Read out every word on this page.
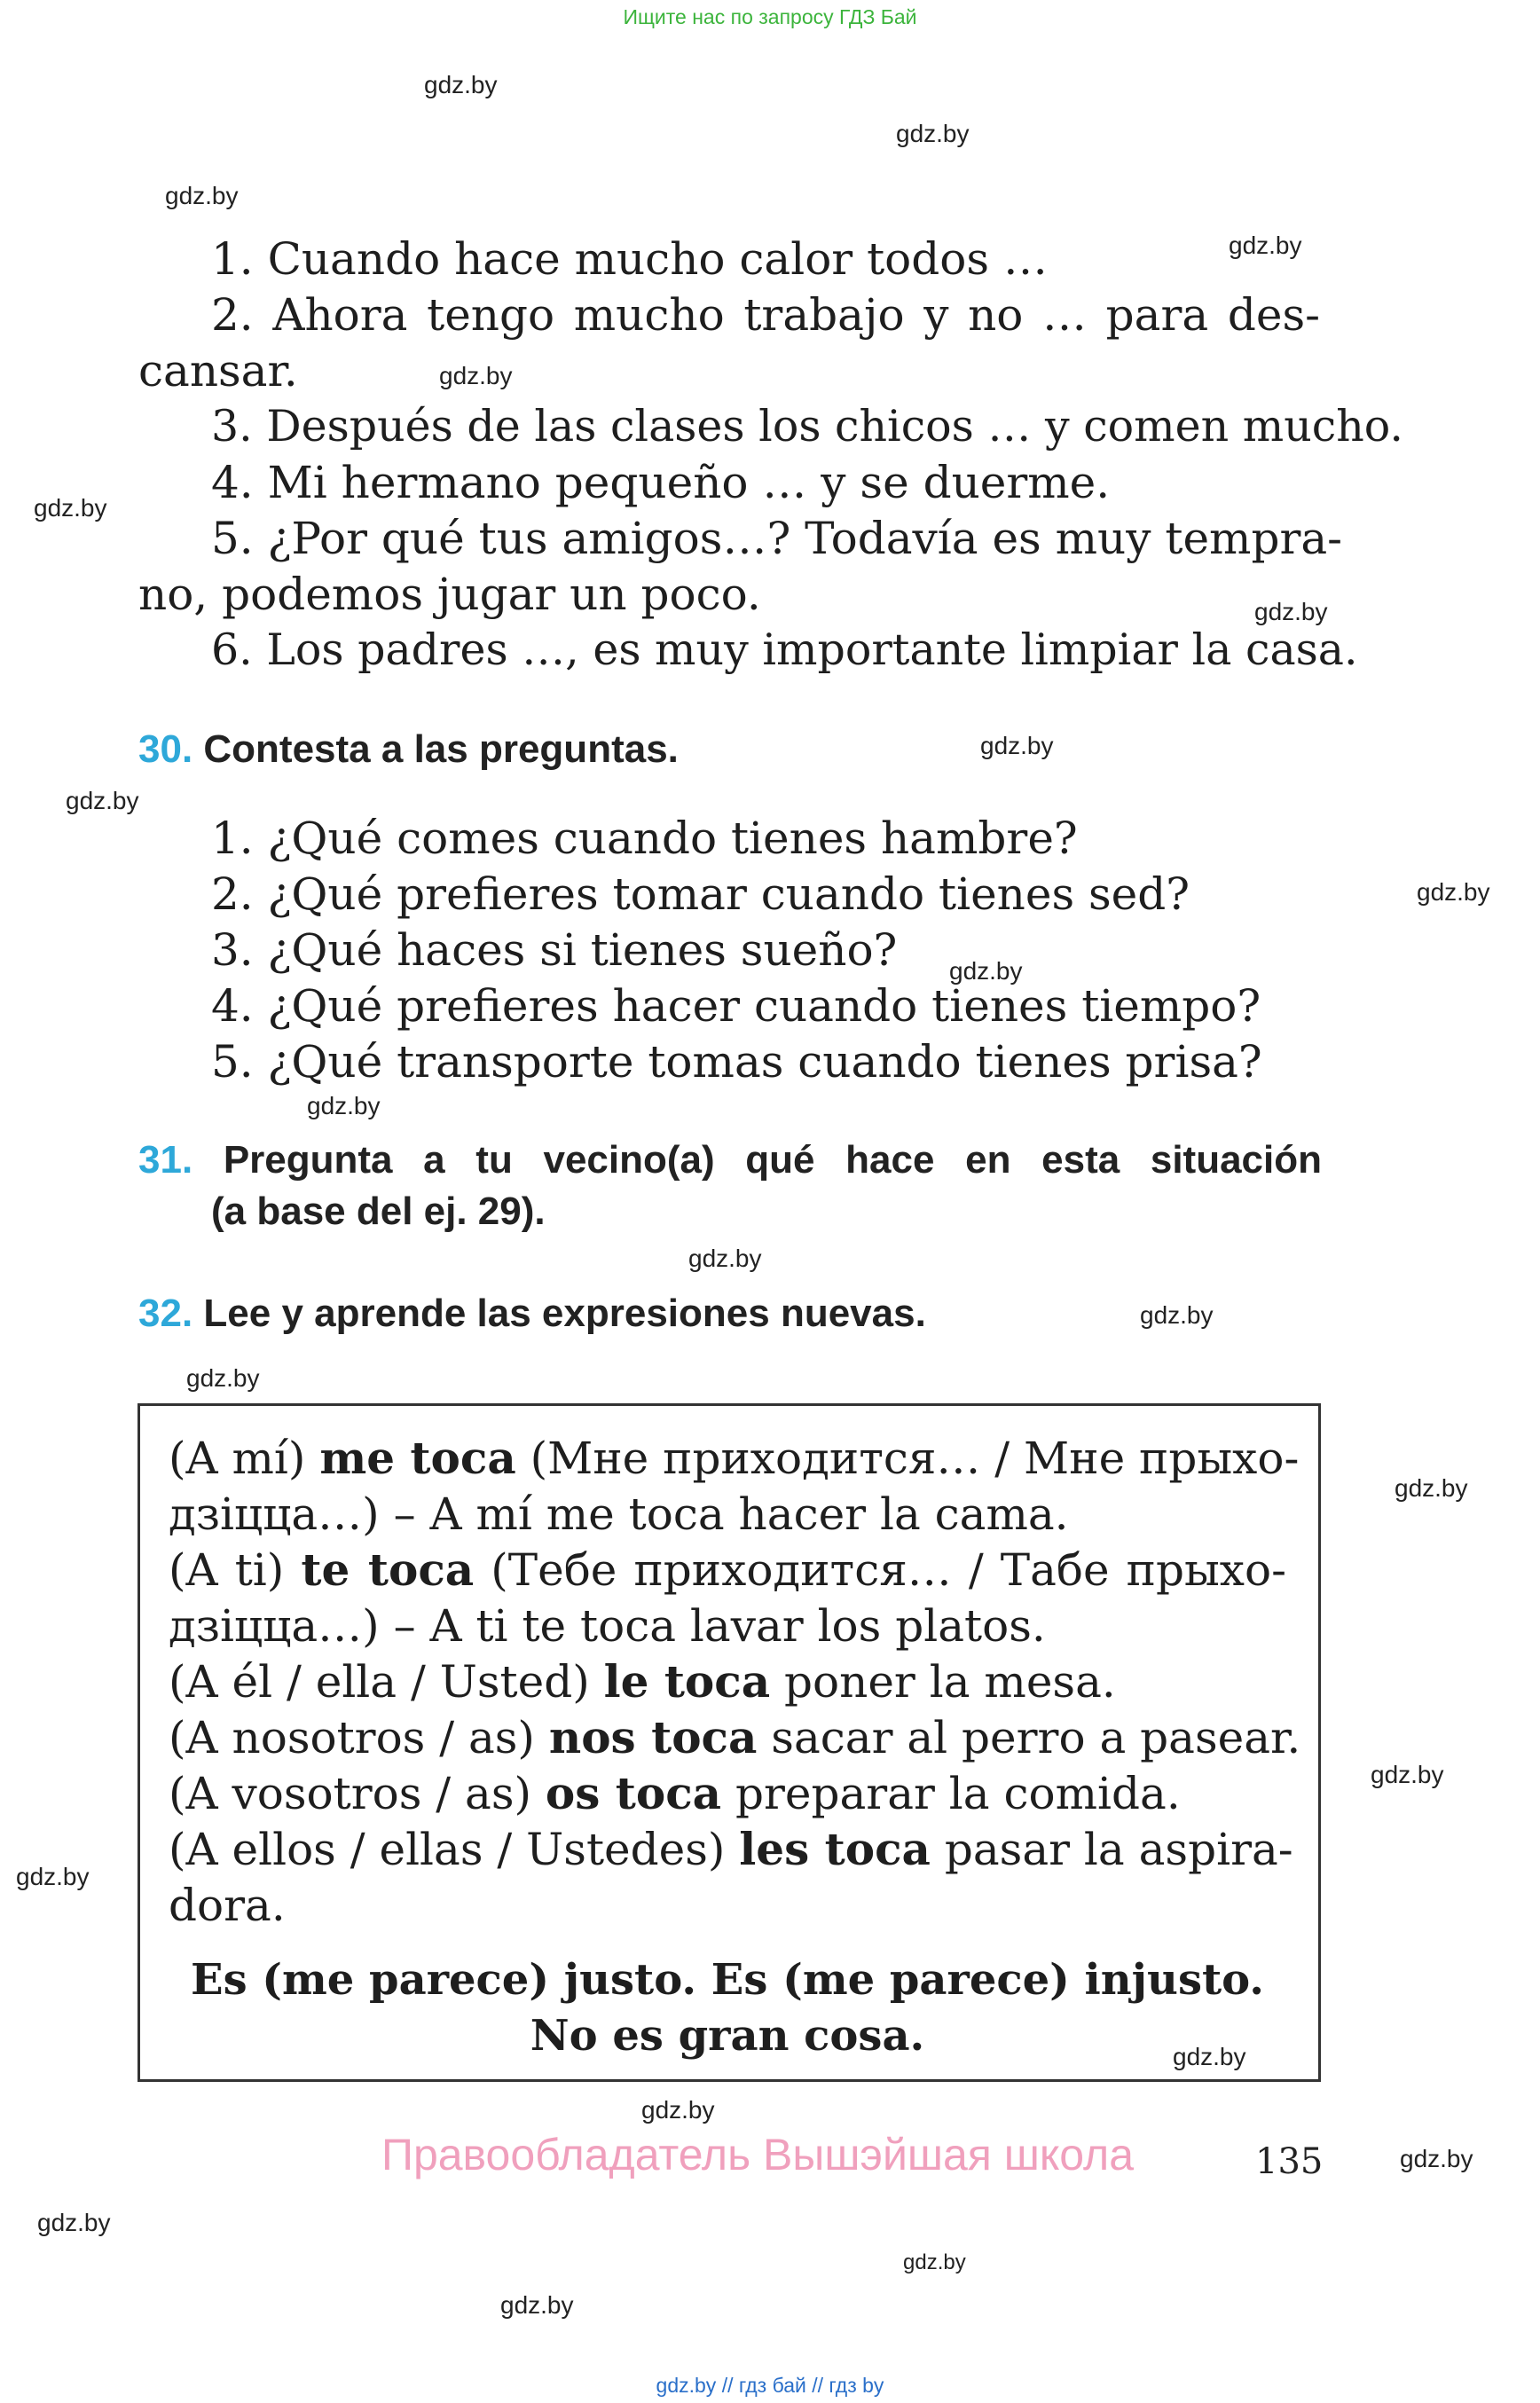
Ищите нас по запросу ГДЗ Бай
gdz.by // гдз бай // гдз by
gdz.by
gdz.by
gdz.by
gdz.by
gdz.by
gdz.by
gdz.by
gdz.by
gdz.by
gdz.by
gdz.by
gdz.by
gdz.by
gdz.by
gdz.by
gdz.by
gdz.by
gdz.by
gdz.by
gdz.by
gdz.by
gdz.by
gdz.by
gdz.by
1. Cuando hace mucho calor todos …
2. Ahora tengo mucho trabajo y no … para des-
cansar.
3. Después de las clases los chicos … y comen mucho.
4. Mi hermano pequeño … y se duerme.
5. ¿Por qué tus amigos…? Todavía es muy tempra-
no, podemos jugar un poco.
6. Los padres …, es muy importante limpiar la casa.
30. Contesta a las preguntas.
1. ¿Qué comes cuando tienes hambre?
2. ¿Qué prefieres tomar cuando tienes sed?
3. ¿Qué haces si tienes sueño?
4. ¿Qué prefieres hacer cuando tienes tiempo?
5. ¿Qué transporte tomas cuando tienes prisa?
31. Pregunta a tu vecino(a) qué hace en esta situación
(a base del ej. 29).
32. Lee y aprende las expresiones nuevas.
(A mí) me toca (Мне приходится… / Мне прыхо-
дзіцца…) – A mí me toca hacer la cama.
(A ti) te toca (Тебе приходится… / Табе прыхо-
дзіцца…) – A ti te toca lavar los platos.
(A él / ella / Usted) le toca poner la mesa.
(A nosotros / as) nos toca sacar al perro a pasear.
(A vosotros / as) os toca preparar la comida.
(A ellos / ellas / Ustedes) les toca pasar la aspira-
dora.
Es (me parece) justo. Es (me parece) injusto.
No es gran cosa.
Правообладатель Вышэйшая школа	135
